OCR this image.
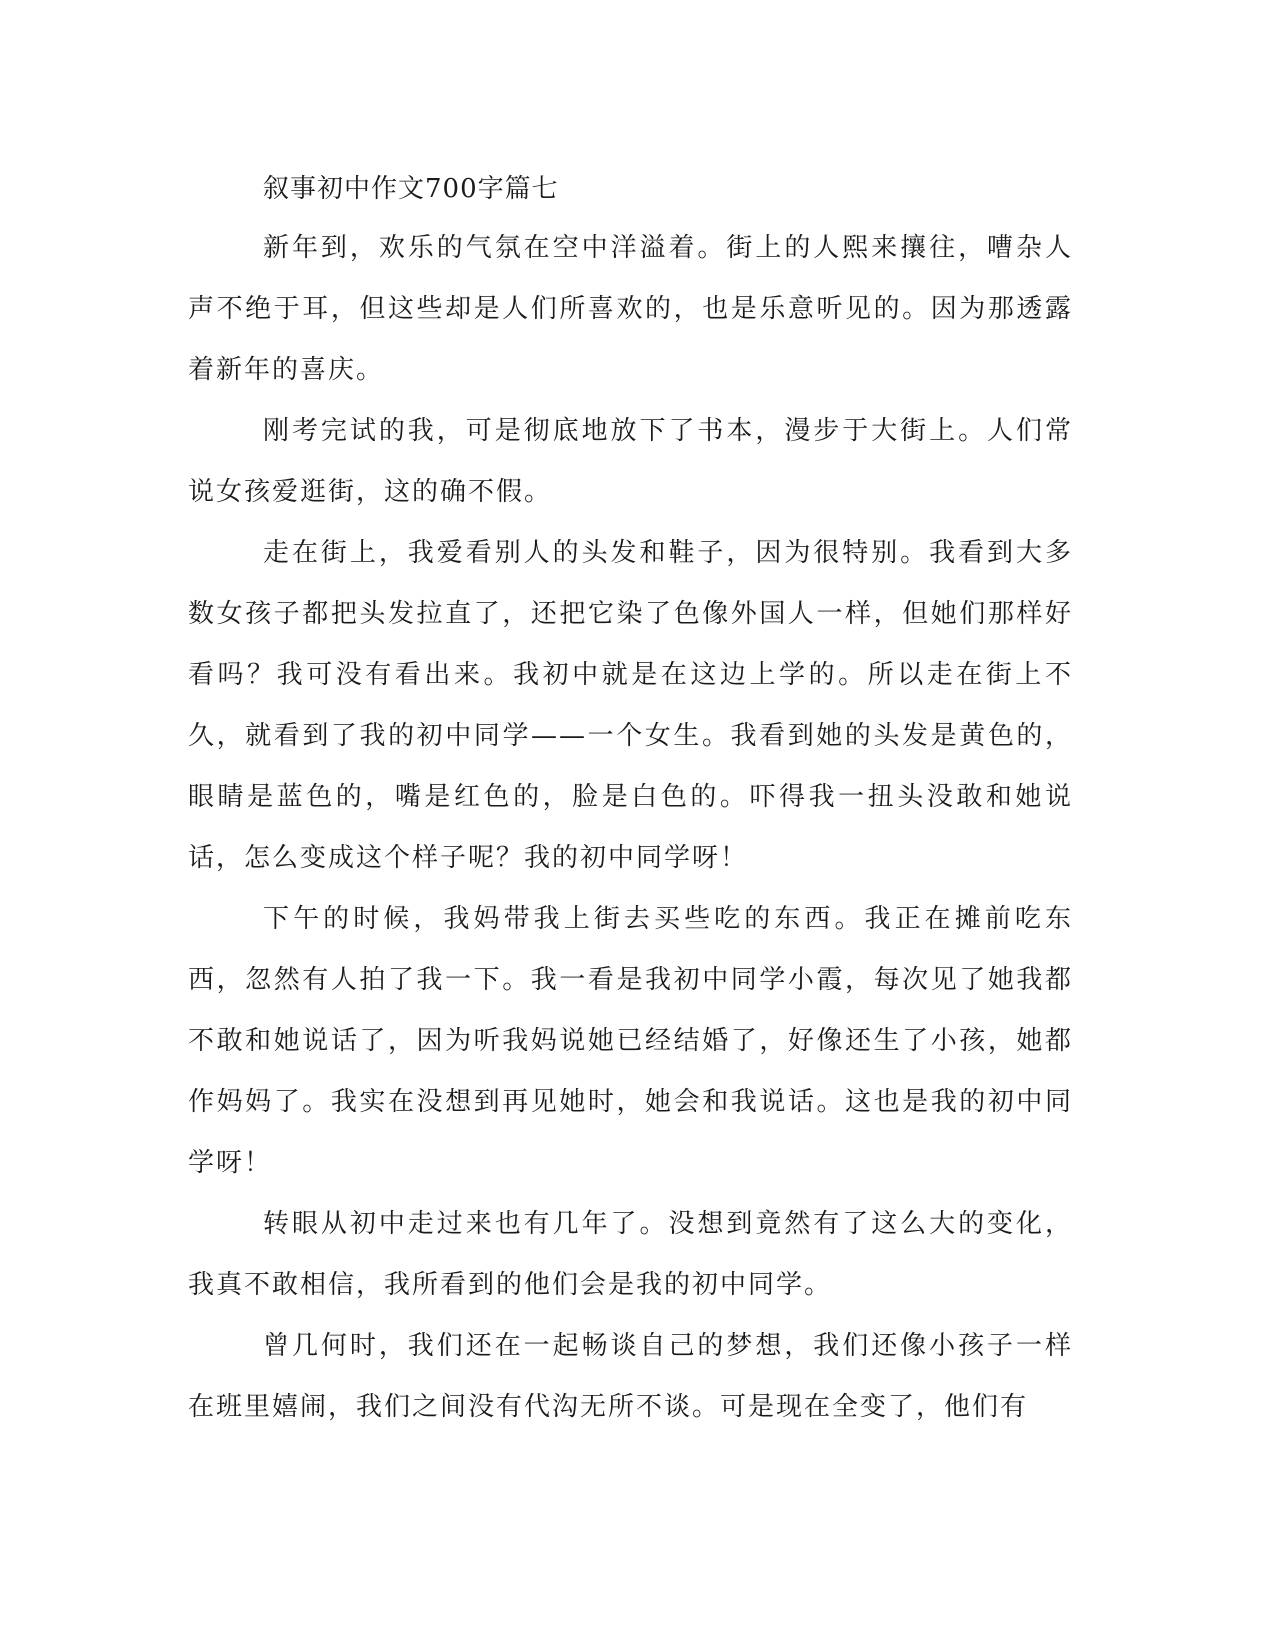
叙事初中作文700字篇七

新年到，欢乐的气氛在空中洋溢着。街上的人熙来攘往，嘈杂人声不绝于耳，但这些却是人们所喜欢的，也是乐意听见的。因为那透露着新年的喜庆。

刚考完试的我，可是彻底地放下了书本，漫步于大街上。人们常说女孩爱逛街，这的确不假。

走在街上，我爱看别人的头发和鞋子，因为很特别。我看到大多数女孩子都把头发拉直了，还把它染了色像外国人一样，但她们那样好看吗？我可没有看出来。我初中就是在这边上学的。所以走在街上不久，就看到了我的初中同学——一个女生。我看到她的头发是黄色的，眼睛是蓝色的，嘴是红色的，脸是白色的。吓得我一扭头没敢和她说话，怎么变成这个样子呢？我的初中同学呀！

下午的时候，我妈带我上街去买些吃的东西。我正在摊前吃东西，忽然有人拍了我一下。我一看是我初中同学小霞，每次见了她我都不敢和她说话了，因为听我妈说她已经结婚了，好像还生了小孩，她都作妈妈了。我实在没想到再见她时，她会和我说话。这也是我的初中同学呀！

转眼从初中走过来也有几年了。没想到竟然有了这么大的变化，我真不敢相信，我所看到的他们会是我的初中同学。

曾几何时，我们还在一起畅谈自己的梦想，我们还像小孩子一样在班里嬉闹，我们之间没有代沟无所不谈。可是现在全变了，他们有
